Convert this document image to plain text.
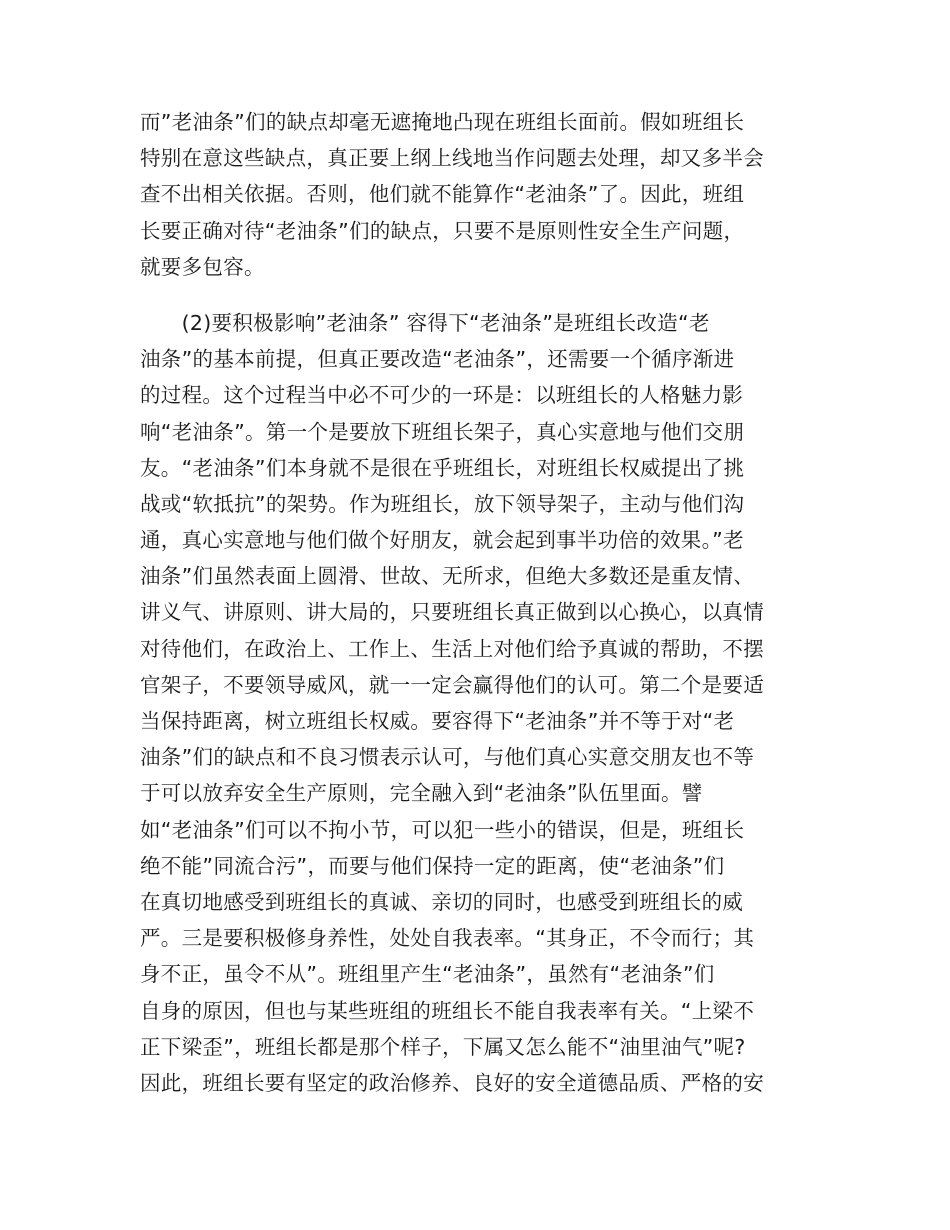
而”老油条”们的缺点却毫无遮掩地凸现在班组长面前。假如班组长
特别在意这些缺点，真正要上纲上线地当作问题去处理，却又多半会
查不出相关依据。否则，他们就不能算作“老油条”了。因此，班组
长要正确对待“老油条”们的缺点，只要不是原则性安全生产问题，
就要多包容。
　　(2)要积极影响”老油条” 容得下“老油条”是班组长改造“老
油条”的基本前提，但真正要改造“老油条”，还需要一个循序渐进
的过程。这个过程当中必不可少的一环是：以班组长的人格魅力影
响“老油条”。第一个是要放下班组长架子，真心实意地与他们交朋
友。“老油条”们本身就不是很在乎班组长，对班组长权威提出了挑
战或“软抵抗”的架势。作为班组长，放下领导架子，主动与他们沟
通，真心实意地与他们做个好朋友，就会起到事半功倍的效果。”老
油条”们虽然表面上圆滑、世故、无所求，但绝大多数还是重友情、
讲义气、讲原则、讲大局的，只要班组长真正做到以心换心，以真情
对待他们，在政治上、工作上、生活上对他们给予真诚的帮助，不摆
官架子，不要领导威风，就一一定会赢得他们的认可。第二个是要适
当保持距离，树立班组长权威。要容得下“老油条”并不等于对“老
油条”们的缺点和不良习惯表示认可，与他们真心实意交朋友也不等
于可以放弃安全生产原则，完全融入到“老油条”队伍里面。譬
如“老油条”们可以不拘小节，可以犯一些小的错误，但是，班组长
绝不能”同流合污”，而要与他们保持一定的距离，使“老油条”们
在真切地感受到班组长的真诚、亲切的同时，也感受到班组长的威
严。三是要积极修身养性，处处自我表率。“其身正，不令而行；其
身不正，虽令不从”。班组里产生“老油条”，虽然有“老油条”们
自身的原因，但也与某些班组的班组长不能自我表率有关。“上梁不
正下梁歪”，班组长都是那个样子，下属又怎么能不“油里油气”呢?
因此，班组长要有坚定的政治修养、良好的安全道德品质、严格的安
